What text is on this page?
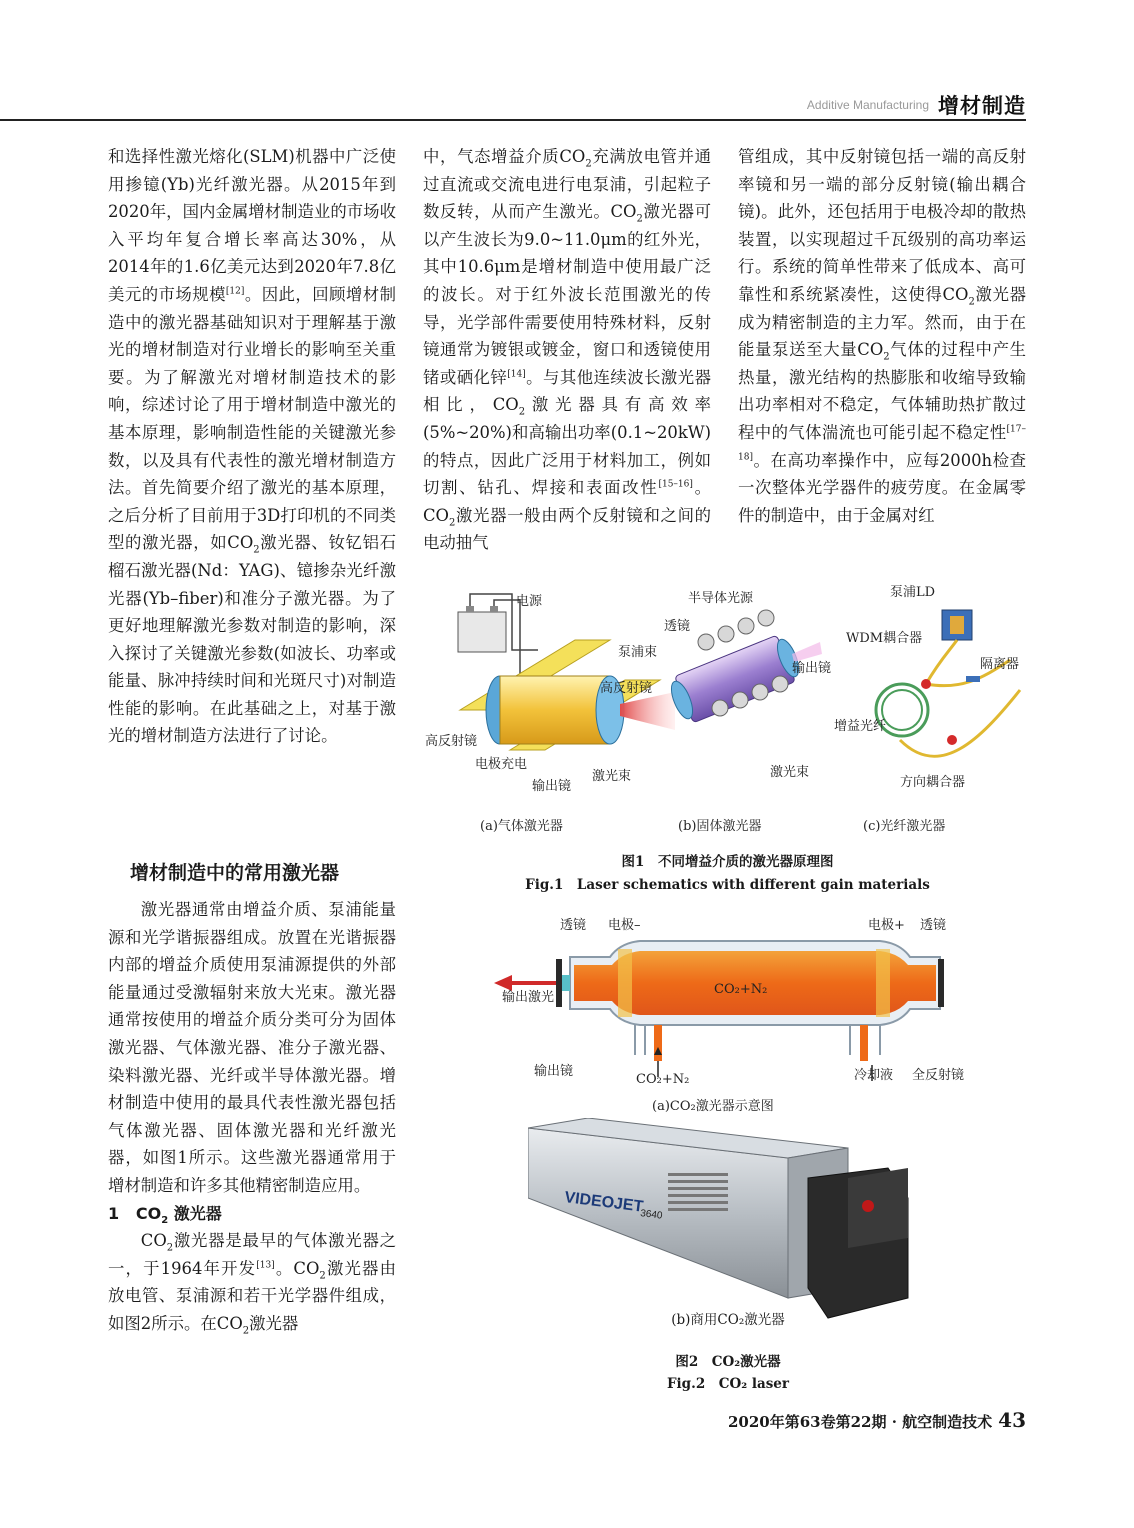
Additive Manufacturing 增材制造

和选择性激光熔化(SLM)机器中广泛使用掺镱(Yb)光纤激光器。从2015年到2020年，国内金属增材制造业的市场收入平均年复合增长率高达30%，从2014年的1.6亿美元达到2020年7.8亿美元的市场规模[12]。因此，回顾增材制造中的激光器基础知识对于理解基于激光的增材制造对行业增长的影响至关重要。为了解激光对增材制造技术的影响，综述讨论了用于增材制造中激光的基本原理，影响制造性能的关键激光参数，以及具有代表性的激光增材制造方法。首先简要介绍了激光的基本原理，之后分析了目前用于3D打印机的不同类型的激光器，如$CO_2$激光器、钕钇铝石榴石激光器(Nd：YAG)、镱掺杂光纤激光器(Yb–fiber)和准分子激光器。为了更好地理解激光参数对制造的影响，深入探讨了关键激光参数(如波长、功率或能量、脉冲持续时间和光斑尺寸)对制造性能的影响。在此基础之上，对基于激光的增材制造方法进行了讨论。

增材制造中的常用激光器

激光器通常由增益介质、泵浦能量源和光学谐振器组成。放置在光谐振器内部的增益介质使用泵浦源提供的外部能量通过受激辐射来放大光束。激光器通常按使用的增益介质分类可分为固体激光器、气体激光器、准分子激光器、染料激光器、光纤或半导体激光器。增材制造中使用的最具代表性激光器包括气体激光器、固体激光器和光纤激光器，如图1所示。这些激光器通常用于增材制造和许多其他精密制造应用。

1 $CO_2$ 激光器

$CO_2$激光器是最早的气体激光器之一，于1964年开发[13]。$CO_2$激光器由放电管、泵浦源和若干光学器件组成，如图2所示。在$CO_2$激光器

中，气态增益介质$CO_2$充满放电管并通过直流或交流电进行电泵浦，引起粒子数反转，从而产生激光。$CO_2$激光器可以产生波长为9.0~11.0μm的红外光，其中10.6μm是增材制造中使用最广泛的波长。对于红外波长范围激光的传导，光学部件需要使用特殊材料，反射镜通常为镀银或镀金，窗口和透镜使用锗或硒化锌[14]。与其他连续波长激光器相比，$CO_2$激光器具有高效率(5%~20%)和高输出功率(0.1~20kW)的特点，因此广泛用于材料加工，例如切割、钻孔、焊接和表面改性[15–16]。$CO_2$激光器一般由两个反射镜和之间的电动抽气

管组成，其中反射镜包括一端的高反射率镜和另一端的部分反射镜(输出耦合镜)。此外，还包括用于电极冷却的散热装置，以实现超过千瓦级别的高功率运行。系统的简单性带来了低成本、高可靠性和系统紧凑性，这使得$CO_2$激光器成为精密制造的主力军。然而，由于在能量泵送至大量$CO_2$气体的过程中产生热量，激光结构的热膨胀和收缩导致输出功率相对不稳定，气体辅助热扩散过程中的气体湍流也可能引起不稳定性[17–18]。在高功率操作中，应每2000h检查一次整体光学器件的疲劳度。在金属零件的制造中，由于金属对红

电源
高反射镜
电极充电
输出镜
激光束
半导体光源
透镜
泵浦束
高反射镜
输出镜
激光束
泵浦LD
WDM耦合器
隔离器
增益光纤
方向耦合器
(a)气体激光器	(b)固体激光器	(c)光纤激光器
图1　不同增益介质的激光器原理图
Fig.1　Laser schematics with different gain materials
透镜 电极–	电极+ 透镜
输出激光
CO₂+N₂
输出镜
CO₂+N₂	冷却液 全反射镜
(a)CO₂激光器示意图
VIDEOJET
3640
(b)商用CO₂激光器
图2　CO₂激光器
Fig.2　CO₂ laser
2020年第63卷第22期 · 航空制造技术 43
